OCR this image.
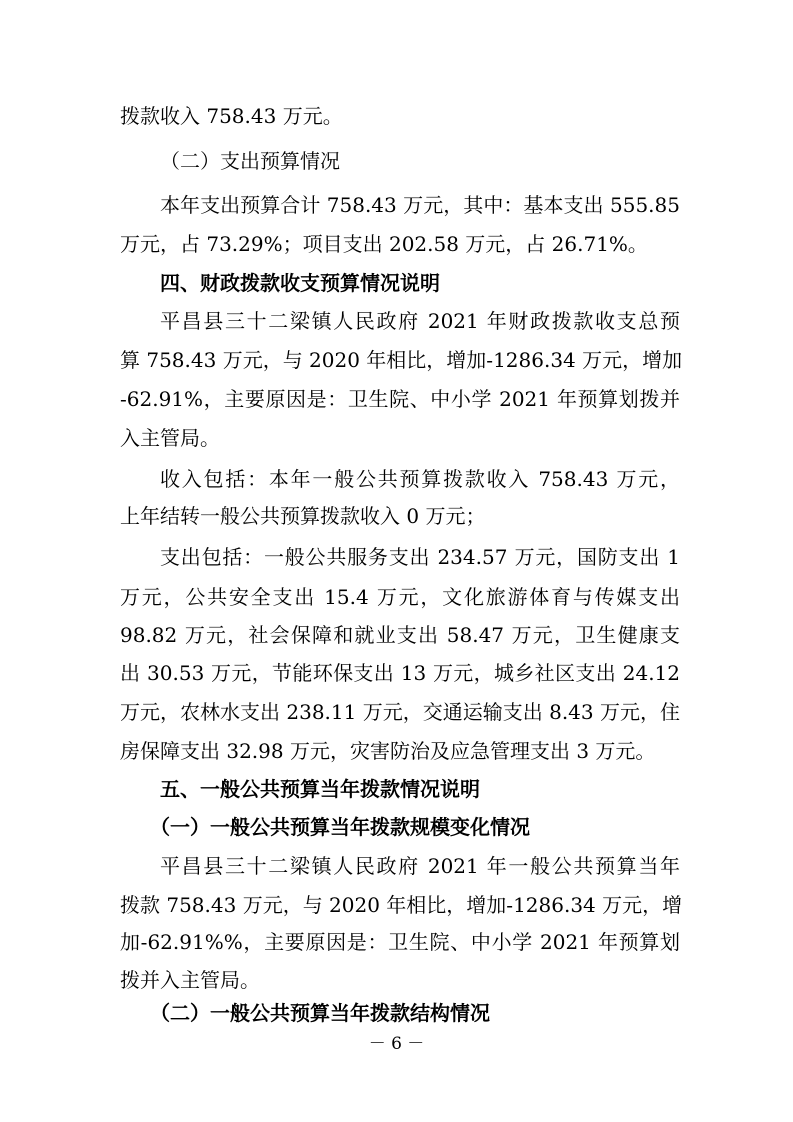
拨款收入 758.43 万元。
（二）支出预算情况
本年支出预算合计 758.43 万元，其中：基本支出 555.85
万元，占 73.29%；项目支出 202.58 万元，占 26.71%。
四、财政拨款收支预算情况说明
平昌县三十二梁镇人民政府 2021 年财政拨款收支总预
算 758.43 万元，与 2020 年相比，增加-1286.34 万元，增加
-62.91%，主要原因是：卫生院、中小学 2021 年预算划拨并
入主管局。
收入包括：本年一般公共预算拨款收入 758.43 万元，
上年结转一般公共预算拨款收入 0 万元；
支出包括：一般公共服务支出 234.57 万元，国防支出 1
万元，公共安全支出 15.4 万元，文化旅游体育与传媒支出
98.82 万元，社会保障和就业支出 58.47 万元，卫生健康支
出 30.53 万元，节能环保支出 13 万元，城乡社区支出 24.12
万元，农林水支出 238.11 万元，交通运输支出 8.43 万元，住
房保障支出 32.98 万元，灾害防治及应急管理支出 3 万元。
五、一般公共预算当年拨款情况说明
（一）一般公共预算当年拨款规模变化情况
平昌县三十二梁镇人民政府 2021 年一般公共预算当年
拨款 758.43 万元，与 2020 年相比，增加-1286.34 万元，增
加-62.91%%，主要原因是：卫生院、中小学 2021 年预算划
拨并入主管局。
（二）一般公共预算当年拨款结构情况
－ 6 －
